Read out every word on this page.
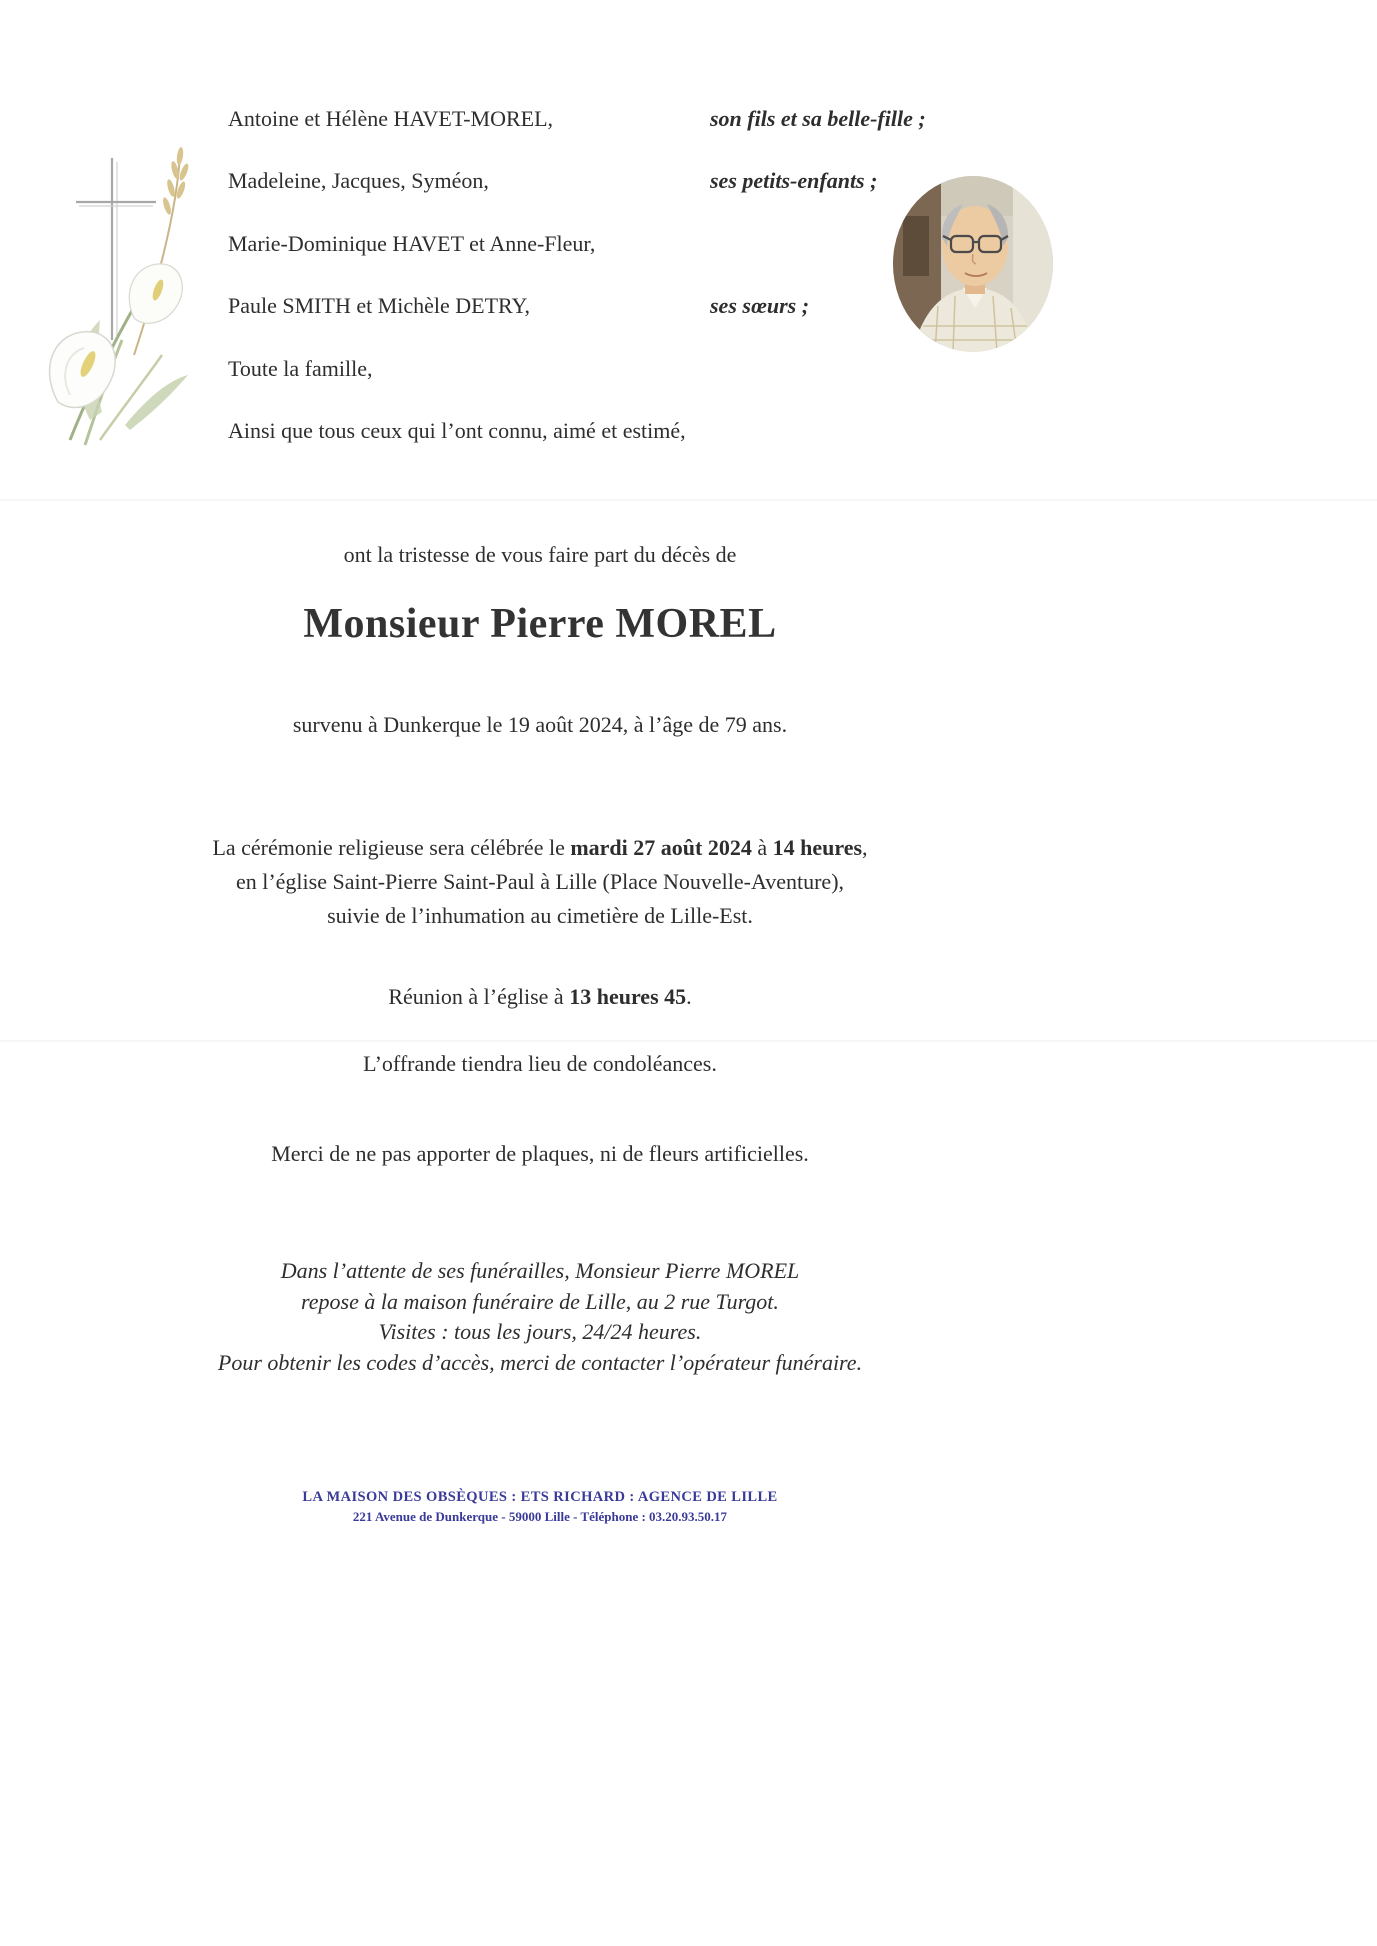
Antoine et Hélène HAVET-MOREL,	son fils et sa belle-fille ;
Madeleine, Jacques, Syméon,	ses petits-enfants ;
Marie-Dominique HAVET et Anne-Fleur,
Paule SMITH et Michèle DETRY,	ses sœurs ;
Toute la famille,
Ainsi que tous ceux qui l’ont connu, aimé et estimé,
ont la tristesse de vous faire part du décès de
Monsieur Pierre MOREL
survenu à Dunkerque le 19 août 2024, à l’âge de 79 ans.
La cérémonie religieuse sera célébrée le mardi 27 août 2024 à 14 heures,
en l’église Saint-Pierre Saint-Paul à Lille (Place Nouvelle-Aventure),
suivie de l’inhumation au cimetière de Lille-Est.
Réunion à l’église à 13 heures 45.
L’offrande tiendra lieu de condoléances.
Merci de ne pas apporter de plaques, ni de fleurs artificielles.
Dans l’attente de ses funérailles, Monsieur Pierre MOREL
repose à la maison funéraire de Lille, au 2 rue Turgot.
Visites : tous les jours, 24/24 heures.
Pour obtenir les codes d’accès, merci de contacter l’opérateur funéraire.
LA MAISON DES OBSÈQUES : ETS RICHARD : AGENCE DE LILLE
221 Avenue de Dunkerque - 59000 Lille - Téléphone : 03.20.93.50.17
